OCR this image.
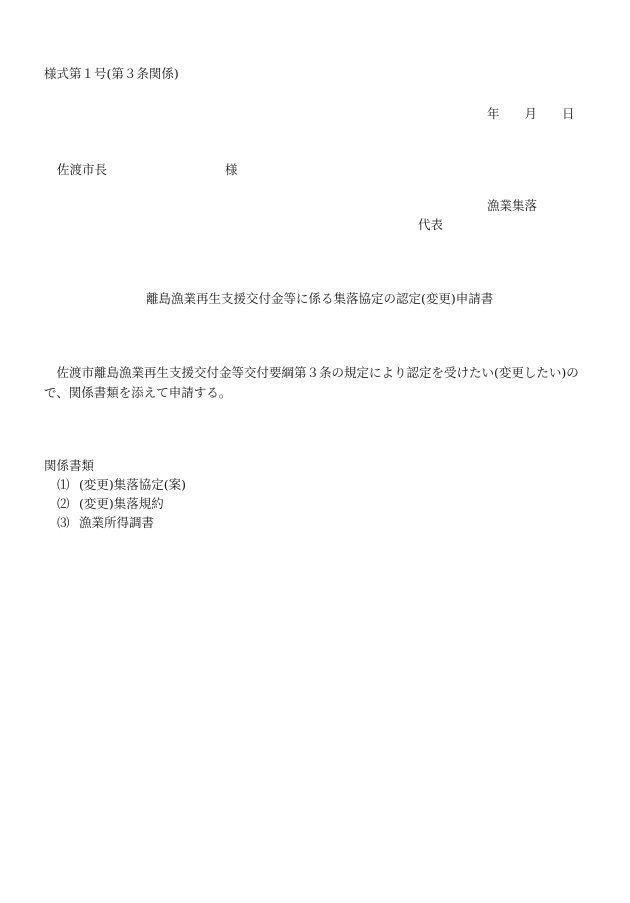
様式第１号(第３条関係)
年 月 日
佐渡市長	様
漁業集落
代表
離島漁業再生支援交付金等に係る集落協定の認定(変更)申請書
佐渡市離島漁業再生支援交付金等交付要綱第３条の規定により認定を受けたい(変更したい)ので、関係書類を添えて申請する。
関係書類
⑴ (変更)集落協定(案)
⑵ (変更)集落規約
⑶ 漁業所得調書
